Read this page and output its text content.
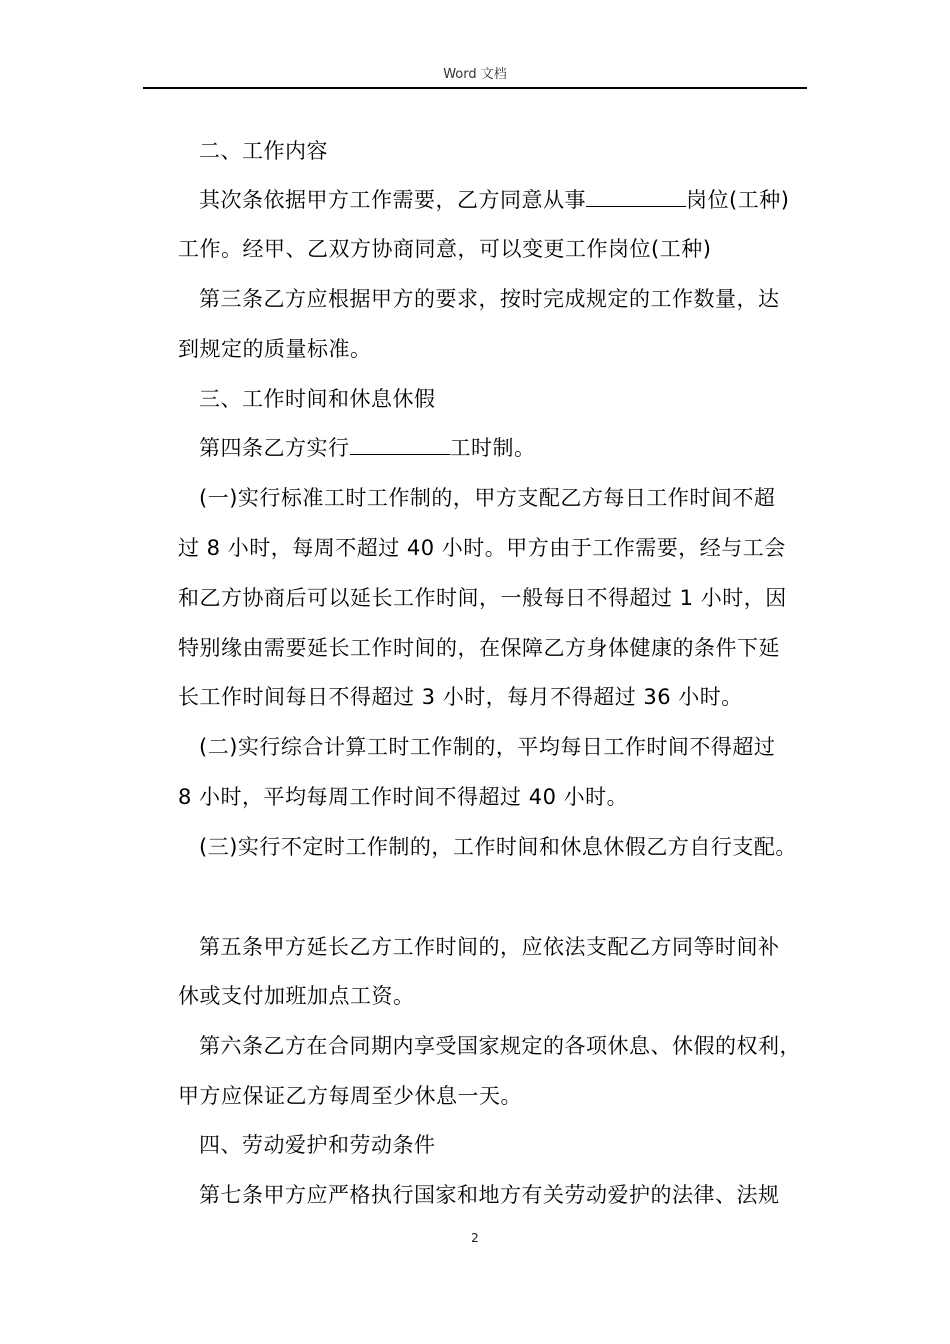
Word 文档
二、工作内容
其次条依据甲方工作需要，乙方同意从事	岗位(工种)
工作。经甲、乙双方协商同意，可以变更工作岗位(工种)
第三条乙方应根据甲方的要求，按时完成规定的工作数量，达
到规定的质量标准。
三、工作时间和休息休假
第四条乙方实行	工时制。
(一)实行标准工时工作制的，甲方支配乙方每日工作时间不超
过 8 小时，每周不超过 40 小时。甲方由于工作需要，经与工会
和乙方协商后可以延长工作时间，一般每日不得超过 1 小时，因
特别缘由需要延长工作时间的，在保障乙方身体健康的条件下延
长工作时间每日不得超过 3 小时，每月不得超过 36 小时。
(二)实行综合计算工时工作制的，平均每日工作时间不得超过
8 小时，平均每周工作时间不得超过 40 小时。
(三)实行不定时工作制的，工作时间和休息休假乙方自行支配。
第五条甲方延长乙方工作时间的，应依法支配乙方同等时间补
休或支付加班加点工资。
第六条乙方在合同期内享受国家规定的各项休息、休假的权利，
甲方应保证乙方每周至少休息一天。
四、劳动爱护和劳动条件
第七条甲方应严格执行国家和地方有关劳动爱护的法律、法规
2
